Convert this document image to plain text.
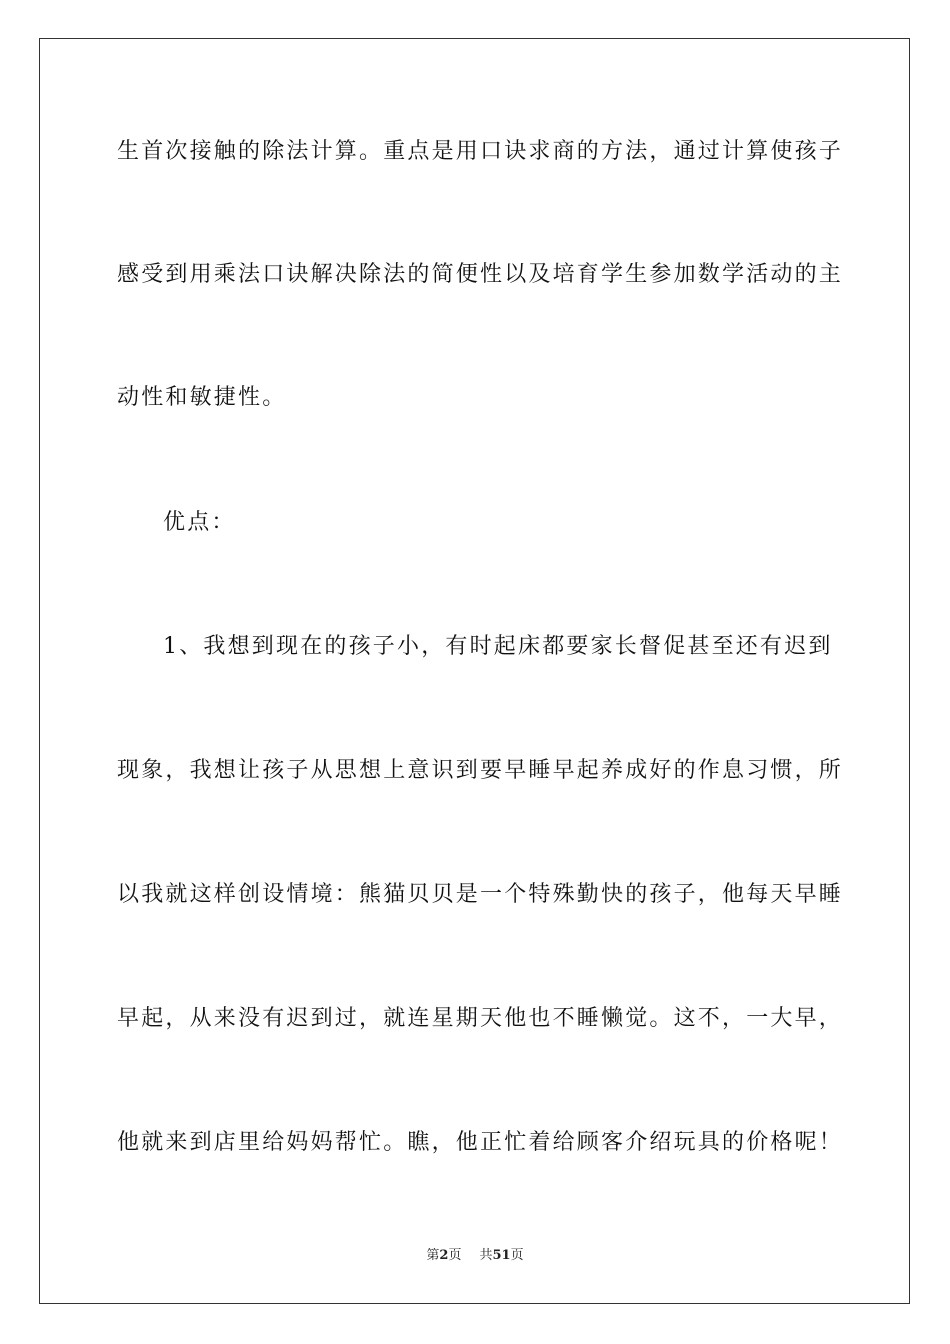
生首次接触的除法计算。重点是用口诀求商的方法，通过计算使孩子
感受到用乘法口诀解决除法的简便性以及培育学生参加数学活动的主
动性和敏捷性。
优点：
1、我想到现在的孩子小，有时起床都要家长督促甚至还有迟到
现象，我想让孩子从思想上意识到要早睡早起养成好的作息习惯，所
以我就这样创设情境：熊猫贝贝是一个特殊勤快的孩子，他每天早睡
早起，从来没有迟到过，就连星期天他也不睡懒觉。这不，一大早，
他就来到店里给妈妈帮忙。瞧，他正忙着给顾客介绍玩具的价格呢！
第2页 共51页
